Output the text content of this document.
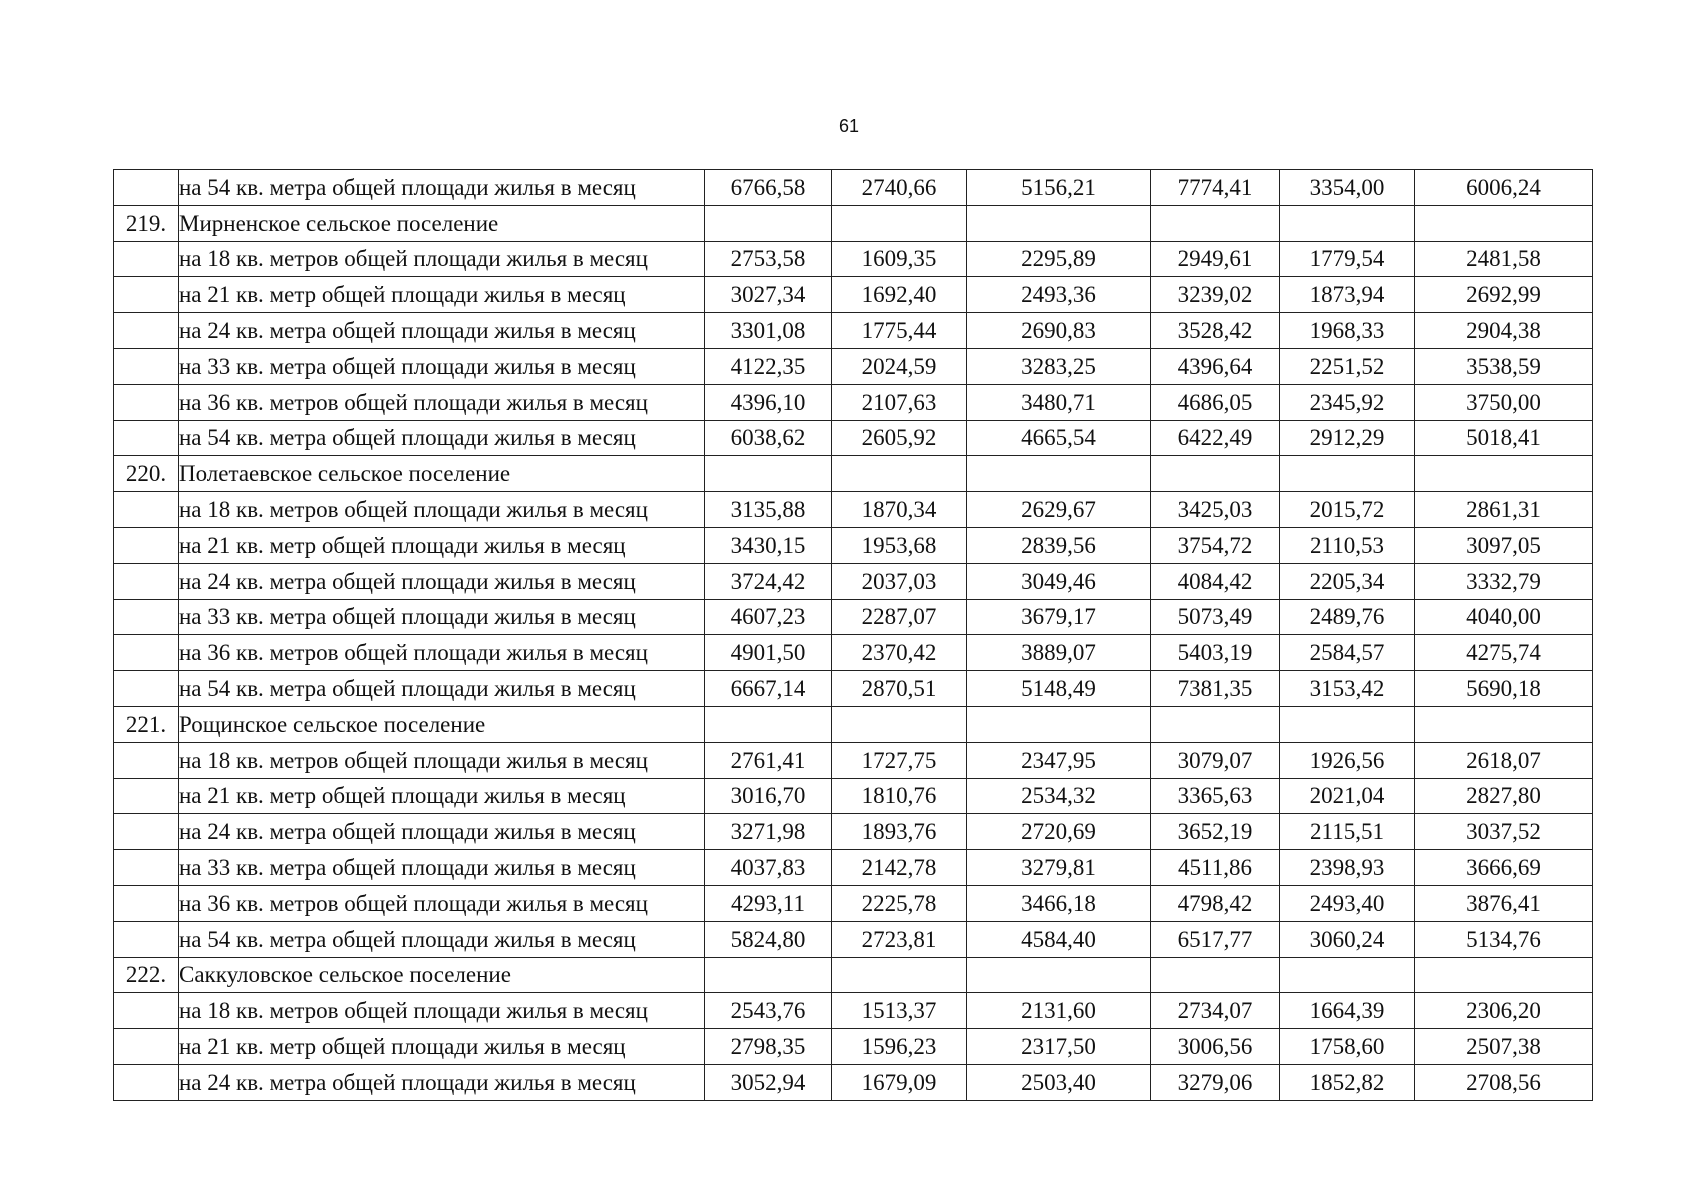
61
	на 54 кв. метра общей площади жилья в месяц	6766,58	2740,66	5156,21	7774,41	3354,00	6006,24
219.	Мирненское сельское поселение						
	на 18 кв. метров общей площади жилья в месяц	2753,58	1609,35	2295,89	2949,61	1779,54	2481,58
	на 21 кв. метр общей площади жилья в месяц	3027,34	1692,40	2493,36	3239,02	1873,94	2692,99
	на 24 кв. метра общей площади жилья в месяц	3301,08	1775,44	2690,83	3528,42	1968,33	2904,38
	на 33 кв. метра общей площади жилья в месяц	4122,35	2024,59	3283,25	4396,64	2251,52	3538,59
	на 36 кв. метров общей площади жилья в месяц	4396,10	2107,63	3480,71	4686,05	2345,92	3750,00
	на 54 кв. метра общей площади жилья в месяц	6038,62	2605,92	4665,54	6422,49	2912,29	5018,41
220.	Полетаевское сельское поселение						
	на 18 кв. метров общей площади жилья в месяц	3135,88	1870,34	2629,67	3425,03	2015,72	2861,31
	на 21 кв. метр общей площади жилья в месяц	3430,15	1953,68	2839,56	3754,72	2110,53	3097,05
	на 24 кв. метра общей площади жилья в месяц	3724,42	2037,03	3049,46	4084,42	2205,34	3332,79
	на 33 кв. метра общей площади жилья в месяц	4607,23	2287,07	3679,17	5073,49	2489,76	4040,00
	на 36 кв. метров общей площади жилья в месяц	4901,50	2370,42	3889,07	5403,19	2584,57	4275,74
	на 54 кв. метра общей площади жилья в месяц	6667,14	2870,51	5148,49	7381,35	3153,42	5690,18
221.	Рощинское сельское поселение						
	на 18 кв. метров общей площади жилья в месяц	2761,41	1727,75	2347,95	3079,07	1926,56	2618,07
	на 21 кв. метр общей площади жилья в месяц	3016,70	1810,76	2534,32	3365,63	2021,04	2827,80
	на 24 кв. метра общей площади жилья в месяц	3271,98	1893,76	2720,69	3652,19	2115,51	3037,52
	на 33 кв. метра общей площади жилья в месяц	4037,83	2142,78	3279,81	4511,86	2398,93	3666,69
	на 36 кв. метров общей площади жилья в месяц	4293,11	2225,78	3466,18	4798,42	2493,40	3876,41
	на 54 кв. метра общей площади жилья в месяц	5824,80	2723,81	4584,40	6517,77	3060,24	5134,76
222.	Саккуловское сельское поселение						
	на 18 кв. метров общей площади жилья в месяц	2543,76	1513,37	2131,60	2734,07	1664,39	2306,20
	на 21 кв. метр общей площади жилья в месяц	2798,35	1596,23	2317,50	3006,56	1758,60	2507,38
	на 24 кв. метра общей площади жилья в месяц	3052,94	1679,09	2503,40	3279,06	1852,82	2708,56
